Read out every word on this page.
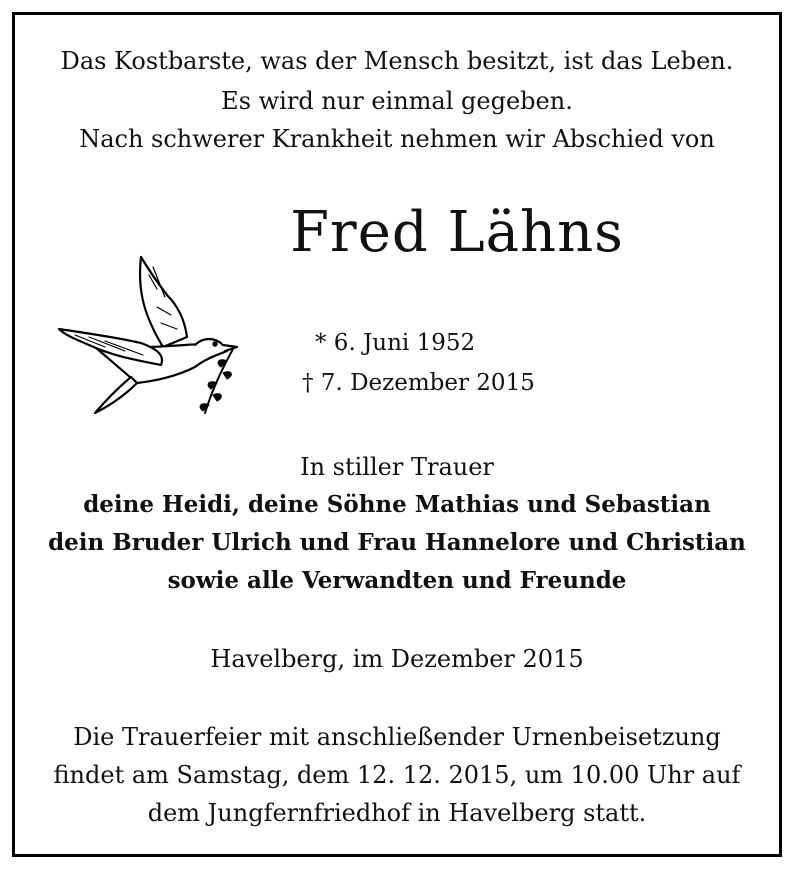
Das Kostbarste, was der Mensch besitzt, ist das Leben.
Es wird nur einmal gegeben.
Nach schwerer Krankheit nehmen wir Abschied von
Fred Lähns
* 6. Juni 1952
† 7. Dezember 2015
In stiller Trauer
deine Heidi, deine Söhne Mathias und Sebastian
dein Bruder Ulrich und Frau Hannelore und Christian
sowie alle Verwandten und Freunde
Havelberg, im Dezember 2015
Die Trauerfeier mit anschließender Urnenbeisetzung
findet am Samstag, dem 12. 12. 2015, um 10.00 Uhr auf
dem Jungfernfriedhof in Havelberg statt.
